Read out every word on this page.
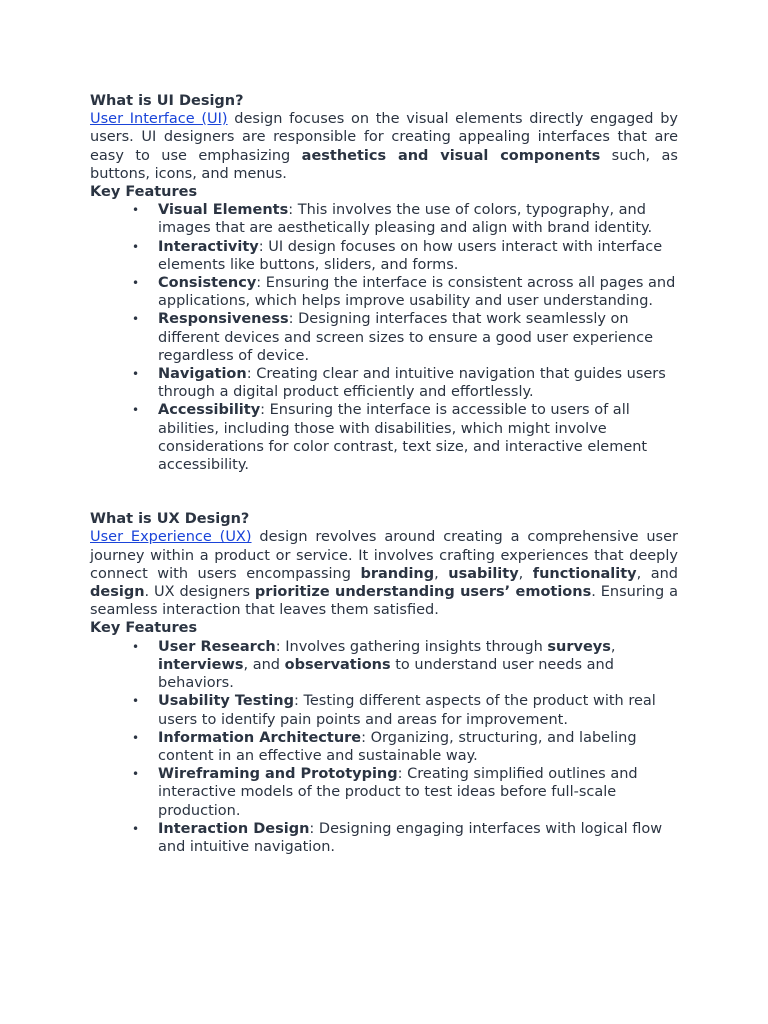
What is UI Design?

User Interface (UI) design focuses on the visual elements directly engaged by users. UI designers are responsible for creating appealing interfaces that are easy to use emphasizing aesthetics and visual components such, as buttons, icons, and menus.

Key Features

• Visual Elements: This involves the use of colors, typography, and images that are aesthetically pleasing and align with brand identity.
• Interactivity: UI design focuses on how users interact with interface elements like buttons, sliders, and forms.
• Consistency: Ensuring the interface is consistent across all pages and applications, which helps improve usability and user understanding.
• Responsiveness: Designing interfaces that work seamlessly on different devices and screen sizes to ensure a good user experience regardless of device.
• Navigation: Creating clear and intuitive navigation that guides users through a digital product efficiently and effortlessly.
• Accessibility: Ensuring the interface is accessible to users of all abilities, including those with disabilities, which might involve considerations for color contrast, text size, and interactive element accessibility.

What is UX Design?

User Experience (UX) design revolves around creating a comprehensive user journey within a product or service. It involves crafting experiences that deeply connect with users encompassing branding, usability, functionality, and design. UX designers prioritize understanding users’ emotions. Ensuring a seamless interaction that leaves them satisfied.

Key Features

• User Research: Involves gathering insights through surveys, interviews, and observations to understand user needs and behaviors.
• Usability Testing: Testing different aspects of the product with real users to identify pain points and areas for improvement.
• Information Architecture: Organizing, structuring, and labeling content in an effective and sustainable way.
• Wireframing and Prototyping: Creating simplified outlines and interactive models of the product to test ideas before full-scale production.
• Interaction Design: Designing engaging interfaces with logical flow and intuitive navigation.
